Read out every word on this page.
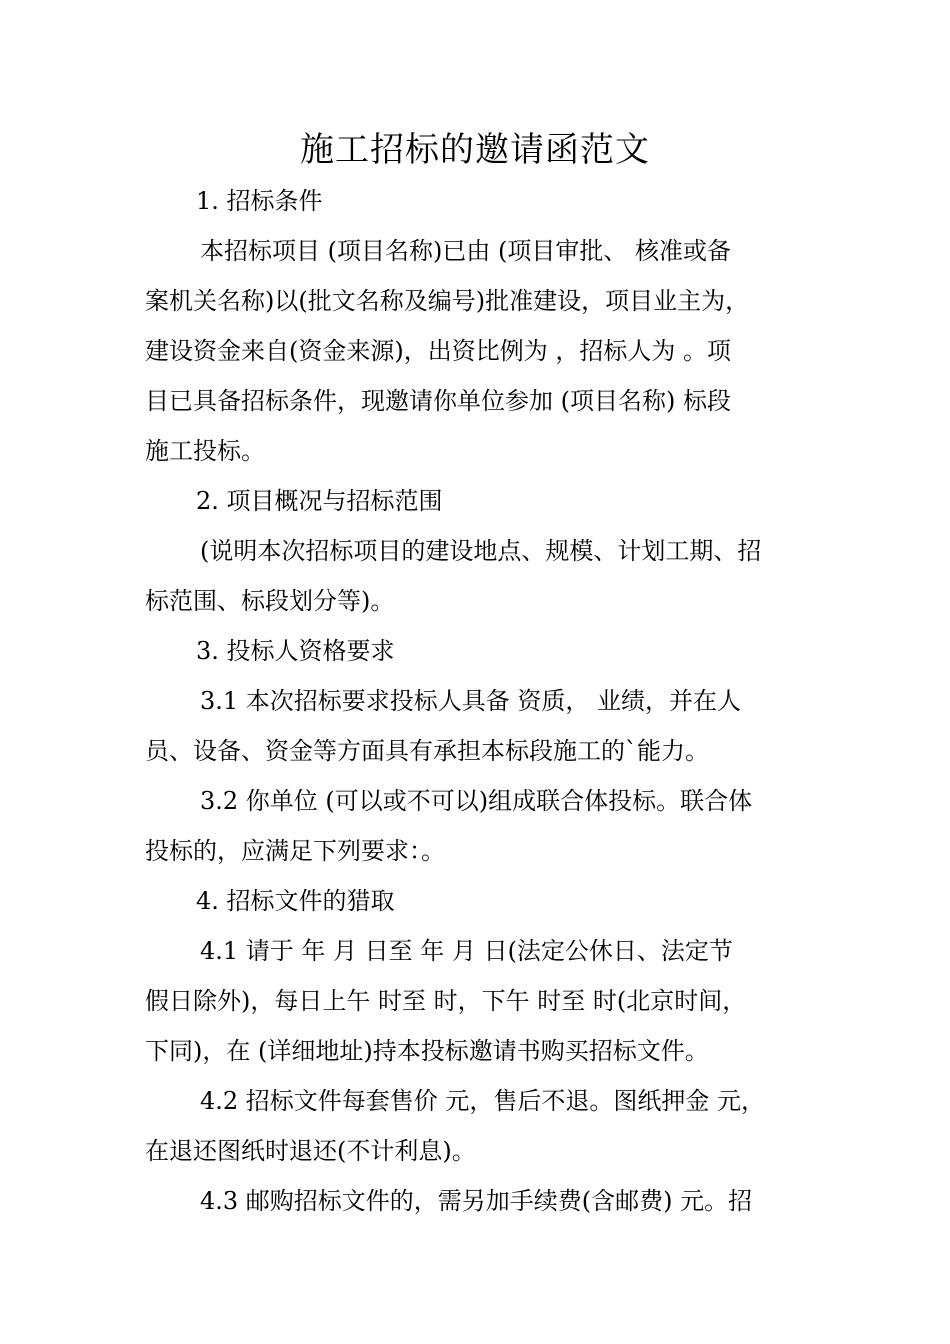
施工招标的邀请函范文

1. 招标条件

本招标项目 (项目名称)已由 (项目审批、 核准或备

案机关名称)以(批文名称及编号)批准建设，项目业主为，

建设资金来自(资金来源)，出资比例为 ，招标人为 。项

目已具备招标条件，现邀请你单位参加 (项目名称) 标段

施工投标。

2. 项目概况与招标范围

(说明本次招标项目的建设地点、规模、计划工期、招

标范围、标段划分等)。

3. 投标人资格要求

3.1 本次招标要求投标人具备 资质， 业绩，并在人

员、设备、资金等方面具有承担本标段施工的`能力。

3.2 你单位 (可以或不可以)组成联合体投标。联合体

投标的，应满足下列要求：。

4. 招标文件的猎取

4.1 请于 年 月 日至 年 月 日(法定公休日、法定节

假日除外)，每日上午 时至 时，下午 时至 时(北京时间，

下同)，在 (详细地址)持本投标邀请书购买招标文件。

4.2 招标文件每套售价 元，售后不退。图纸押金 元，

在退还图纸时退还(不计利息)。

4.3 邮购招标文件的，需另加手续费(含邮费) 元。招
